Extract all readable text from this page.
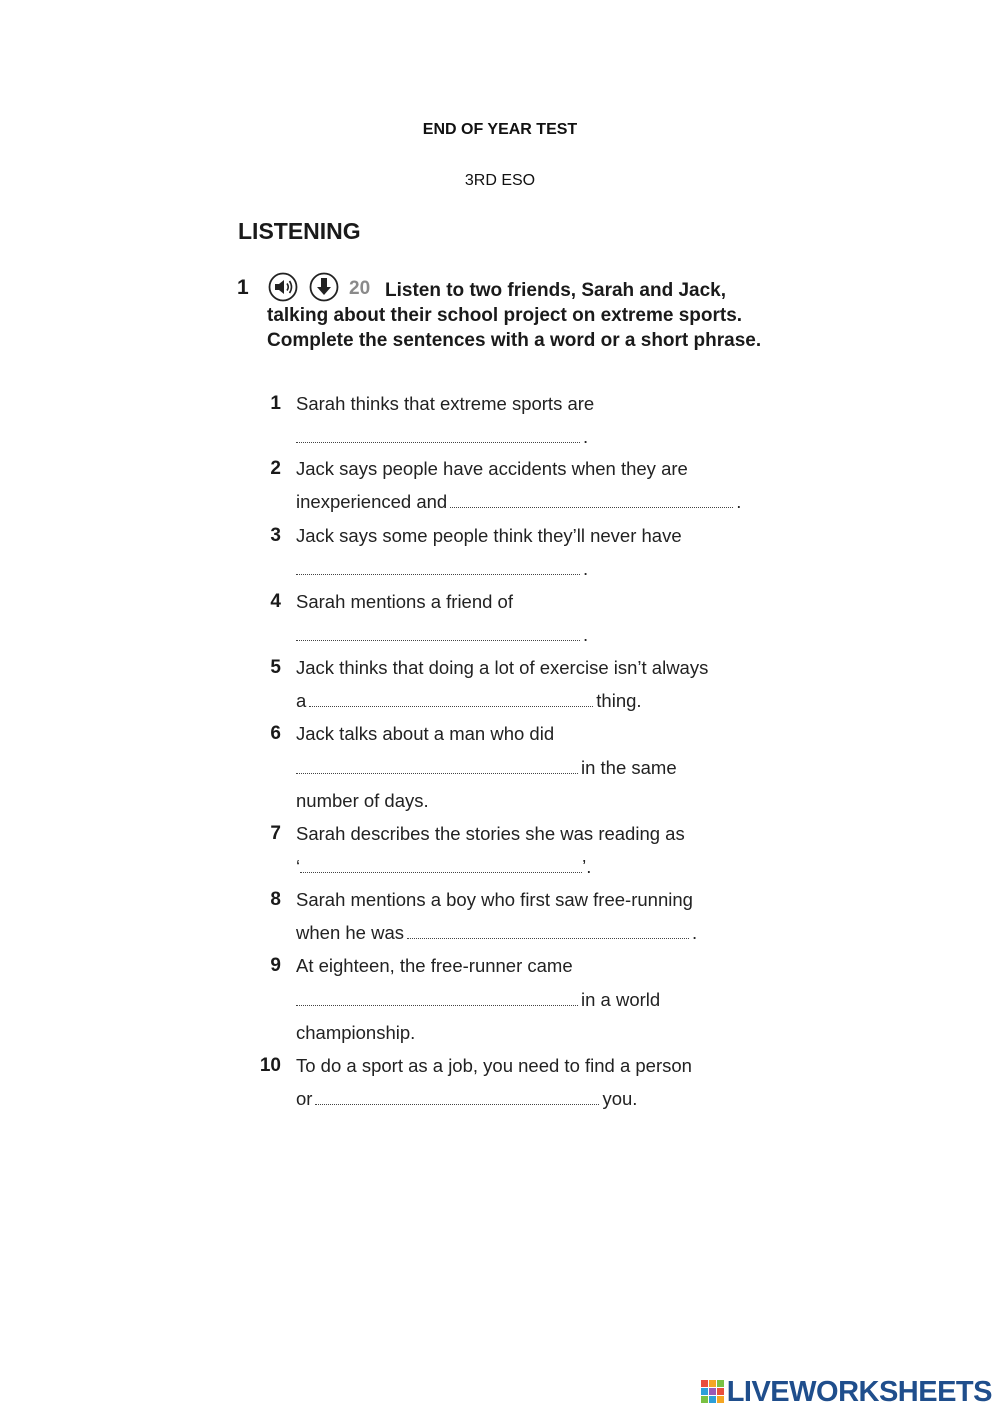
END OF YEAR TEST
3RD ESO
LISTENING
1	20 Listen to two friends, Sarah and Jack, talking about their school project on extreme sports. Complete the sentences with a word or a short phrase.
1 Sarah thinks that extreme sports are
.
2 Jack says people have accidents when they are
inexperienced and	.
3 Jack says some people think they’ll never have
.
4 Sarah mentions a friend of
.
5 Jack thinks that doing a lot of exercise isn’t always
a	thing.
6 Jack talks about a man who did
in the same
number of days.
7 Sarah describes the stories she was reading as
‘	’.
8 Sarah mentions a boy who first saw free-running
when he was	.
9 At eighteen, the free-runner came
in a world
championship.
10 To do a sport as a job, you need to find a person
or	you.
LIVEWORKSHEETS
